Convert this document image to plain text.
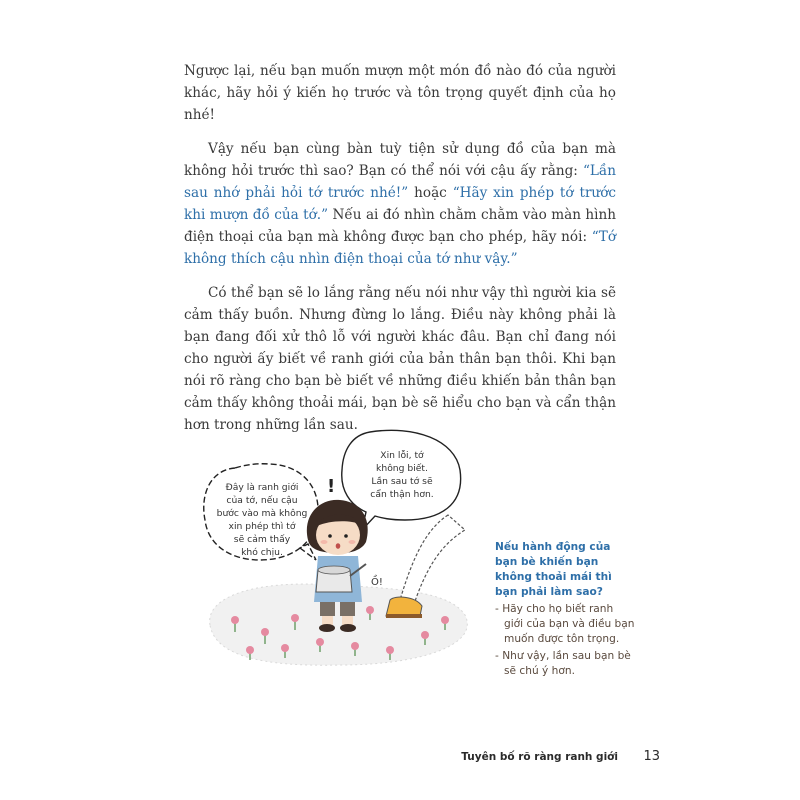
Ngược lại, nếu bạn muốn mượn một món đồ nào đó của người khác, hãy hỏi ý kiến họ trước và tôn trọng quyết định của họ nhé!

Vậy nếu bạn cùng bàn tuỳ tiện sử dụng đồ của bạn mà không hỏi trước thì sao? Bạn có thể nói với cậu ấy rằng: “Lần sau nhớ phải hỏi tớ trước nhé!” hoặc “Hãy xin phép tớ trước khi mượn đồ của tớ.” Nếu ai đó nhìn chằm chằm vào màn hình điện thoại của bạn mà không được bạn cho phép, hãy nói: “Tớ không thích cậu nhìn điện thoại của tớ như vậy.”

Có thể bạn sẽ lo lắng rằng nếu nói như vậy thì người kia sẽ cảm thấy buồn. Nhưng đừng lo lắng. Điều này không phải là bạn đang đối xử thô lỗ với người khác đâu. Bạn chỉ đang nói cho người ấy biết về ranh giới của bản thân bạn thôi. Khi bạn nói rõ ràng cho bạn bè biết về những điều khiến bản thân bạn cảm thấy không thoải mái, bạn bè sẽ hiểu cho bạn và cẩn thận hơn trong những lần sau.

Đây là ranh giới
của tớ, nếu cậu
bước vào mà không
xin phép thì tớ
sẽ cảm thấy
khó chịu.
Xin lỗi, tớ
không biết.
Lần sau tớ sẽ
cẩn thận hơn.
!
Ồ!
Nếu hành động của bạn bè khiến bạn không thoải mái thì bạn phải làm sao?
- Hãy cho họ biết ranh giới của bạn và điều bạn muốn được tôn trọng.
- Như vậy, lần sau bạn bè sẽ chú ý hơn.
Tuyên bố rõ ràng ranh giới 13
